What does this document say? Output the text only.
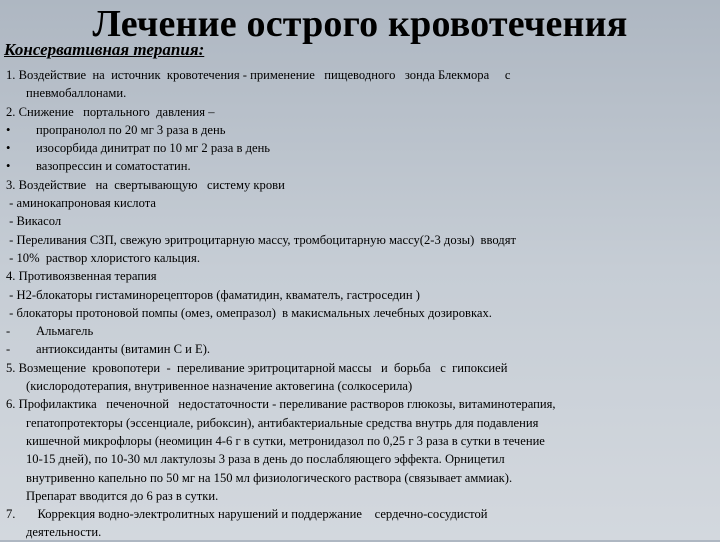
Лечение острого кровотечения
Консервативная терапия:
1. Воздействие  на  источник  кровотечения - применение   пищеводного   зонда Блекмора     с
пневмобаллонами.
2. Снижение   портального  давления –
•	пропранолол по 20 мг 3 раза в день
•	изосорбида динитрат по 10 мг 2 раза в день
•	вазопрессин и соматостатин.
3. Воздействие   на  свертывающую   систему крови
- аминокапроновая кислота
- Викасол
- Переливания СЗП, свежую эритроцитарную массу, тромбоцитарную массу(2-3 дозы)  вводят
- 10%  раствор хлористого кальция.
4. Противоязвенная терапия
- Н2-блокаторы гистаминорецепторов (фаматидин, квамателъ, гастроседин )
- блокаторы протоновой помпы (омез, омепразол)  в макисмальных лечебных дозировках.
-	Альмагель
-	антиоксиданты (витамин С и Е).
5. Возмещение  кровопотери  -  переливание эритроцитарной массы   и  борьба   с  гипоксией
(кислородотерапия, внутривенное назначение актовегина (солкосерила)
6. Профилактика   печеночной   недостаточности - переливание растворов глюкозы, витаминотерапия,
гепатопротекторы (эссенциале, рибоксин), антибактериальные средства внутрь для подавления
кишечной микрофлоры (неомицин 4-6 г в сутки, метронидазол по 0,25 г 3 раза в сутки в течение
10-15 дней), по 10-30 мл лактулозы 3 раза в день до послабляющего эффекта. Орницетил
внутривенно капельно по 50 мг на 150 мл физиологического раствора (связывает аммиак).
Препарат вводится до 6 раз в сутки.
7.       Коррекция водно-электролитных нарушений и поддержание    сердечно-сосудистой
деятельности.
